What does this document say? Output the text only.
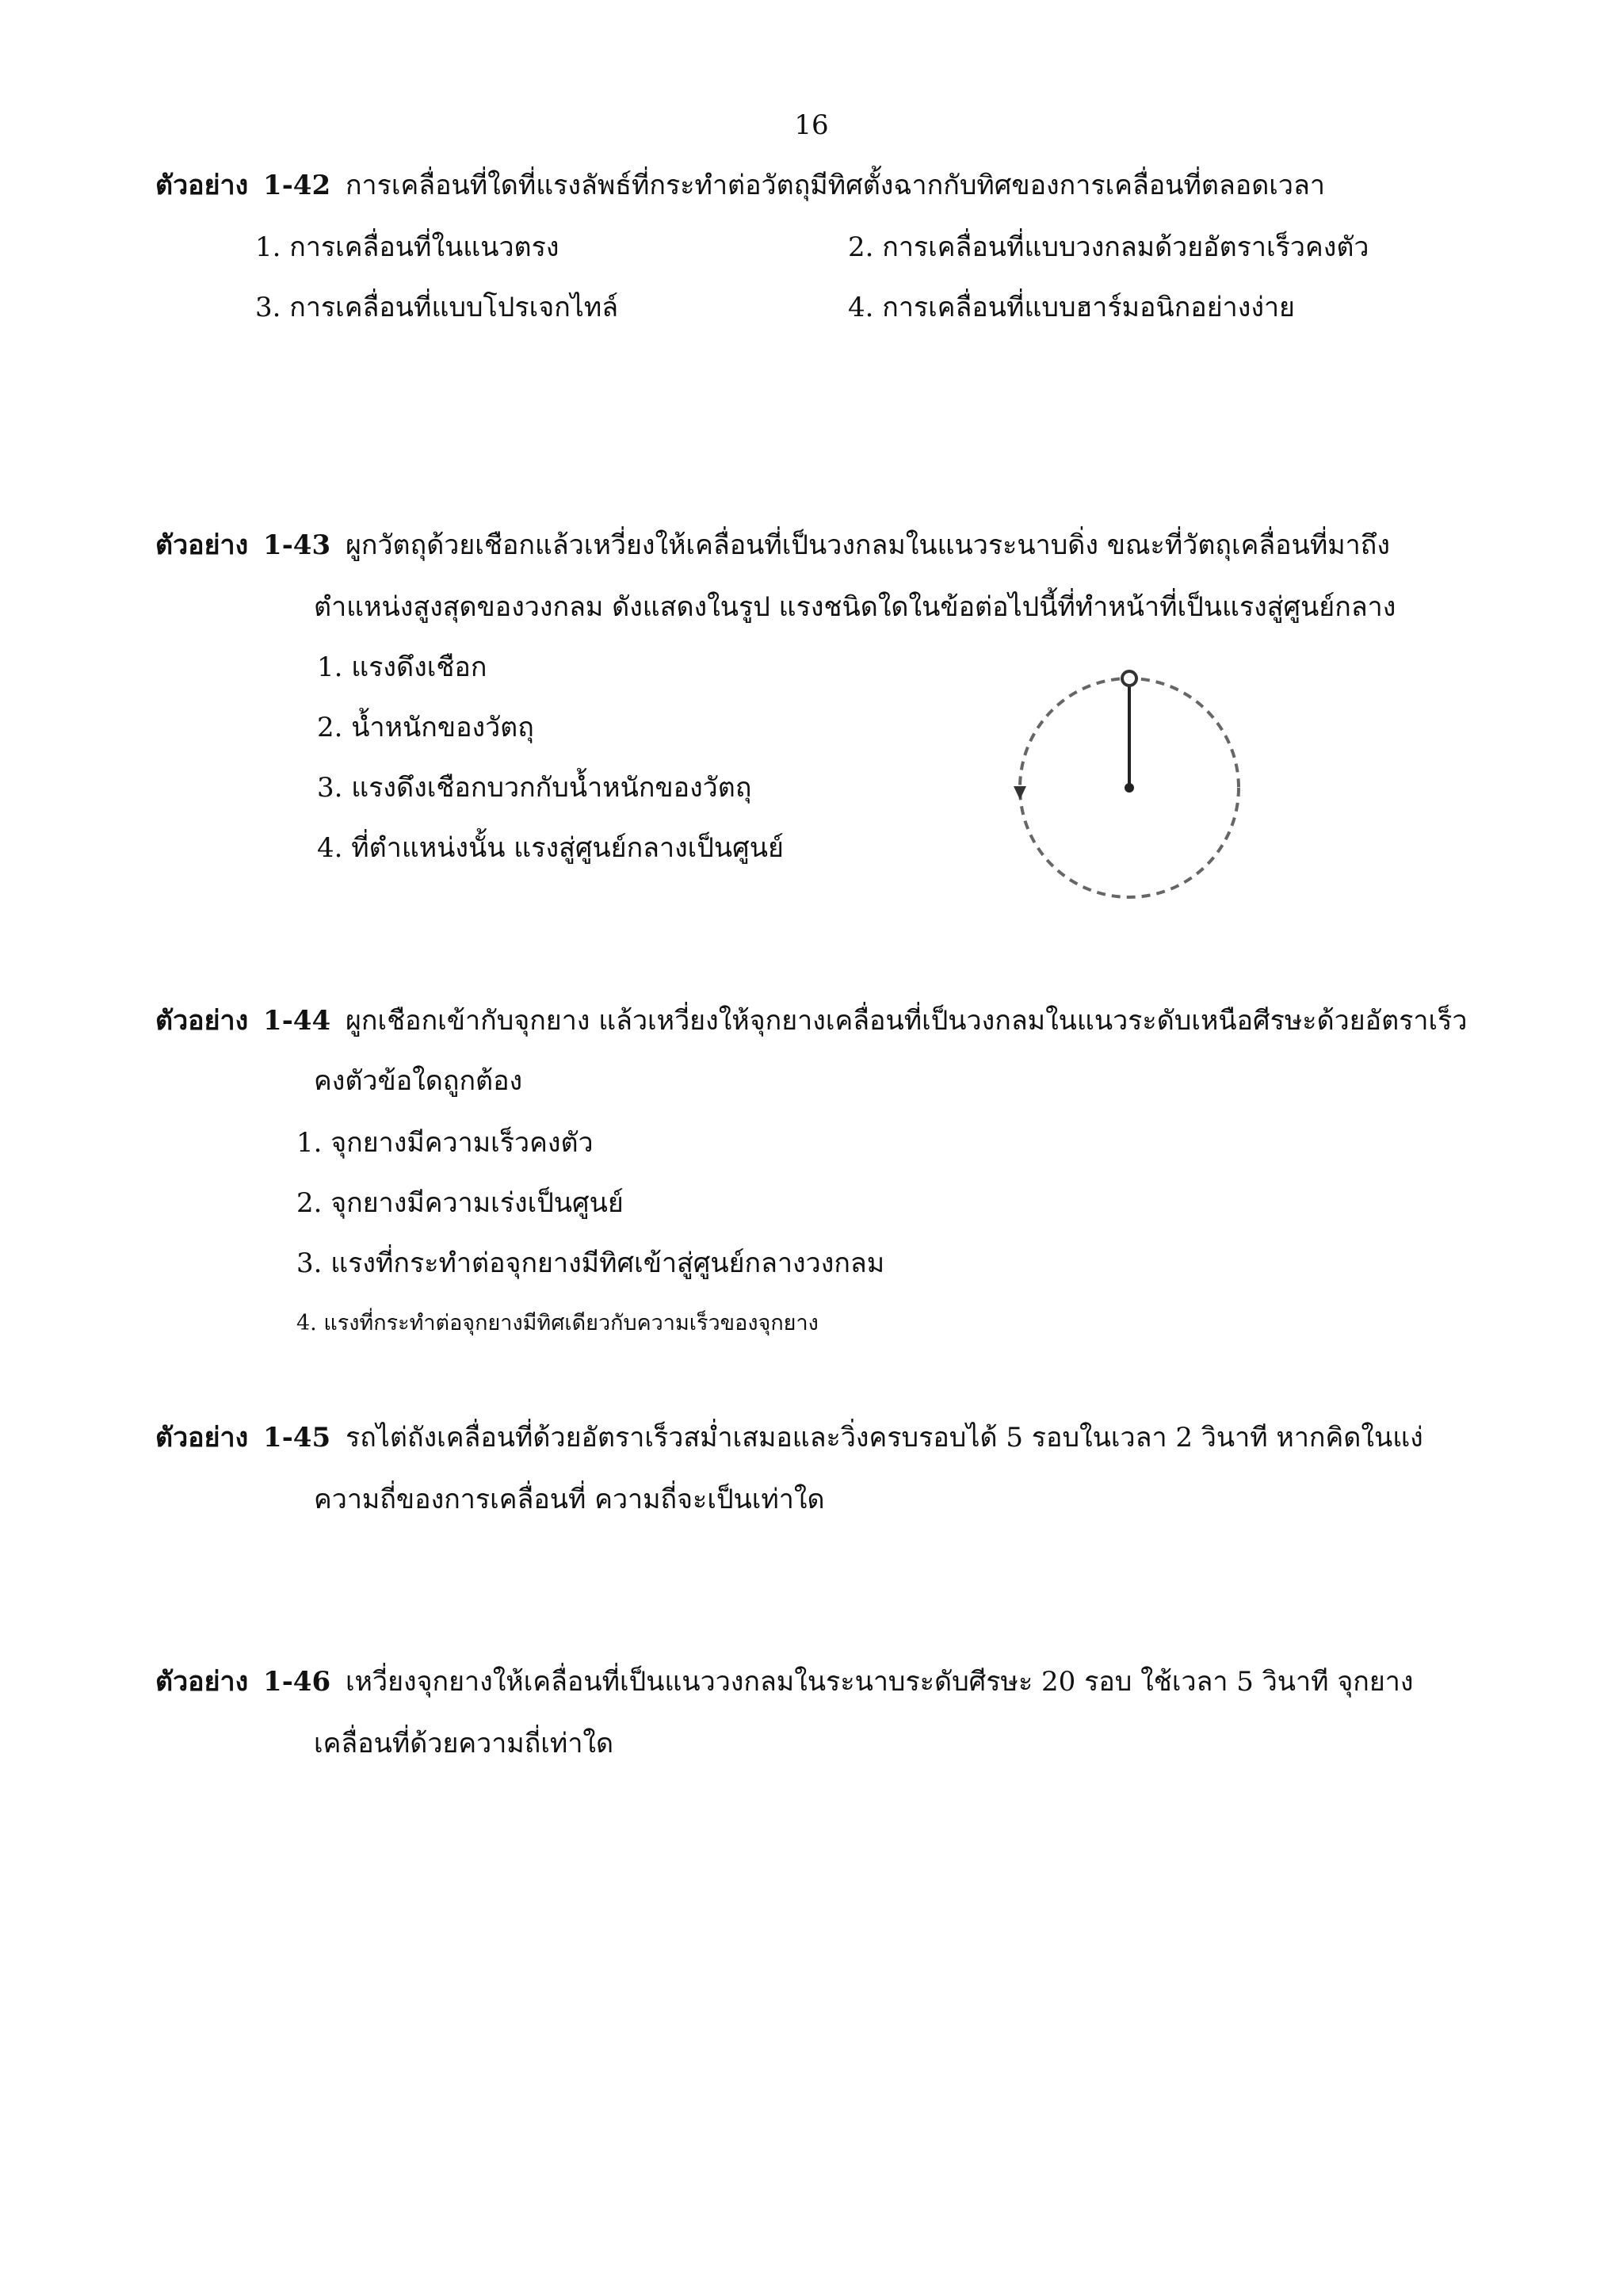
16
ตัวอย่าง 1-42 การเคลื่อนที่ใดที่แรงลัพธ์ที่กระทำต่อวัตถุมีทิศตั้งฉากกับทิศของการเคลื่อนที่ตลอดเวลา
1. การเคลื่อนที่ในแนวตรง	2. การเคลื่อนที่แบบวงกลมด้วยอัตราเร็วคงตัว
3. การเคลื่อนที่แบบโปรเจกไทล์	4. การเคลื่อนที่แบบฮาร์มอนิกอย่างง่าย
ตัวอย่าง 1-43 ผูกวัตถุด้วยเชือกแล้วเหวี่ยงให้เคลื่อนที่เป็นวงกลมในแนวระนาบดิ่ง ขณะที่วัตถุเคลื่อนที่มาถึง
ตำแหน่งสูงสุดของวงกลม ดังแสดงในรูป แรงชนิดใดในข้อต่อไปนี้ที่ทำหน้าที่เป็นแรงสู่ศูนย์กลาง
1. แรงดึงเชือก
2. น้ำหนักของวัตถุ
3. แรงดึงเชือกบวกกับน้ำหนักของวัตถุ
4. ที่ตำแหน่งนั้น แรงสู่ศูนย์กลางเป็นศูนย์
ตัวอย่าง 1-44 ผูกเชือกเข้ากับจุกยาง แล้วเหวี่ยงให้จุกยางเคลื่อนที่เป็นวงกลมในแนวระดับเหนือศีรษะด้วยอัตราเร็ว
คงตัวข้อใดถูกต้อง
1. จุกยางมีความเร็วคงตัว
2. จุกยางมีความเร่งเป็นศูนย์
3. แรงที่กระทำต่อจุกยางมีทิศเข้าสู่ศูนย์กลางวงกลม
4. แรงที่กระทำต่อจุกยางมีทิศเดียวกับความเร็วของจุกยาง
ตัวอย่าง 1-45 รถไต่ถังเคลื่อนที่ด้วยอัตราเร็วสม่ำเสมอและวิ่งครบรอบได้ 5 รอบในเวลา 2 วินาที หากคิดในแง่
ความถี่ของการเคลื่อนที่ ความถี่จะเป็นเท่าใด
ตัวอย่าง 1-46 เหวี่ยงจุกยางให้เคลื่อนที่เป็นแนววงกลมในระนาบระดับศีรษะ 20 รอบ ใช้เวลา 5 วินาที จุกยาง
เคลื่อนที่ด้วยความถี่เท่าใด
